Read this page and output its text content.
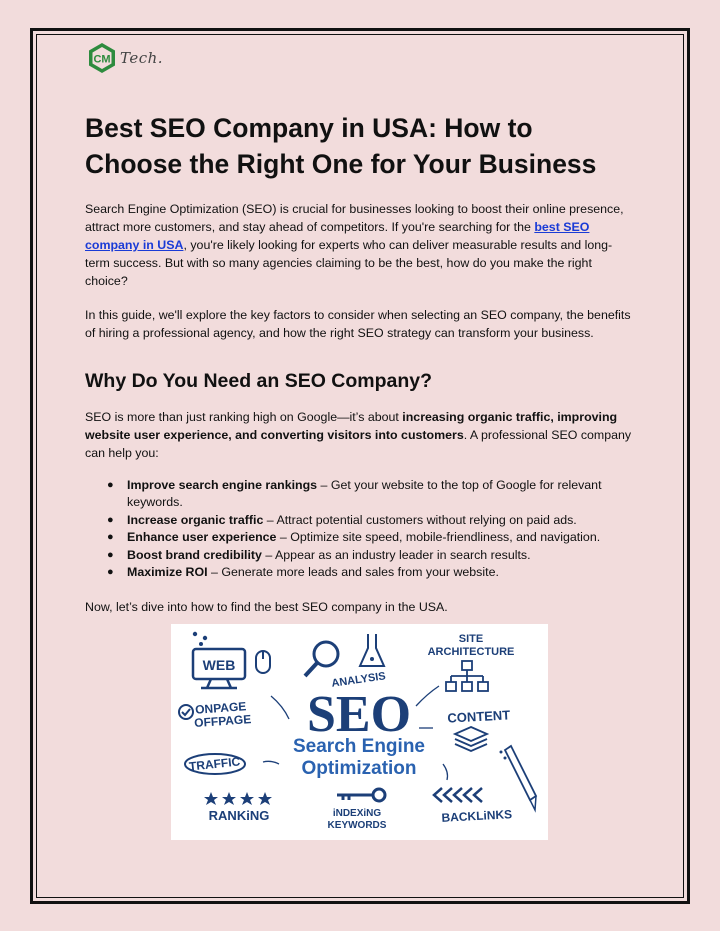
CM Tech.
Best SEO Company in USA: How to Choose the Right One for Your Business

Search Engine Optimization (SEO) is crucial for businesses looking to boost their online presence, attract more customers, and stay ahead of competitors. If you're searching for the best SEO company in USA, you're likely looking for experts who can deliver measurable results and long-term success. But with so many agencies claiming to be the best, how do you make the right choice?

In this guide, we'll explore the key factors to consider when selecting an SEO company, the benefits of hiring a professional agency, and how the right SEO strategy can transform your business.

Why Do You Need an SEO Company?

SEO is more than just ranking high on Google—it’s about increasing organic traffic, improving website user experience, and converting visitors into customers. A professional SEO company can help you:

● Improve search engine rankings – Get your website to the top of Google for relevant keywords.
● Increase organic traffic – Attract potential customers without relying on paid ads.
● Enhance user experience – Optimize site speed, mobile-friendliness, and navigation.
● Boost brand credibility – Appear as an industry leader in search results.
● Maximize ROI – Generate more leads and sales from your website.

Now, let’s dive into how to find the best SEO company in the USA.

WEB
ANALYSIS
SITE
ARCHITECTURE
ONPAGE
OFFPAGE SEO
Search Engine
Optimization
CONTENT
TRAFFIC
RANKiNG	iNDEXiNG
KEYWORDS
BACKLiNKS
